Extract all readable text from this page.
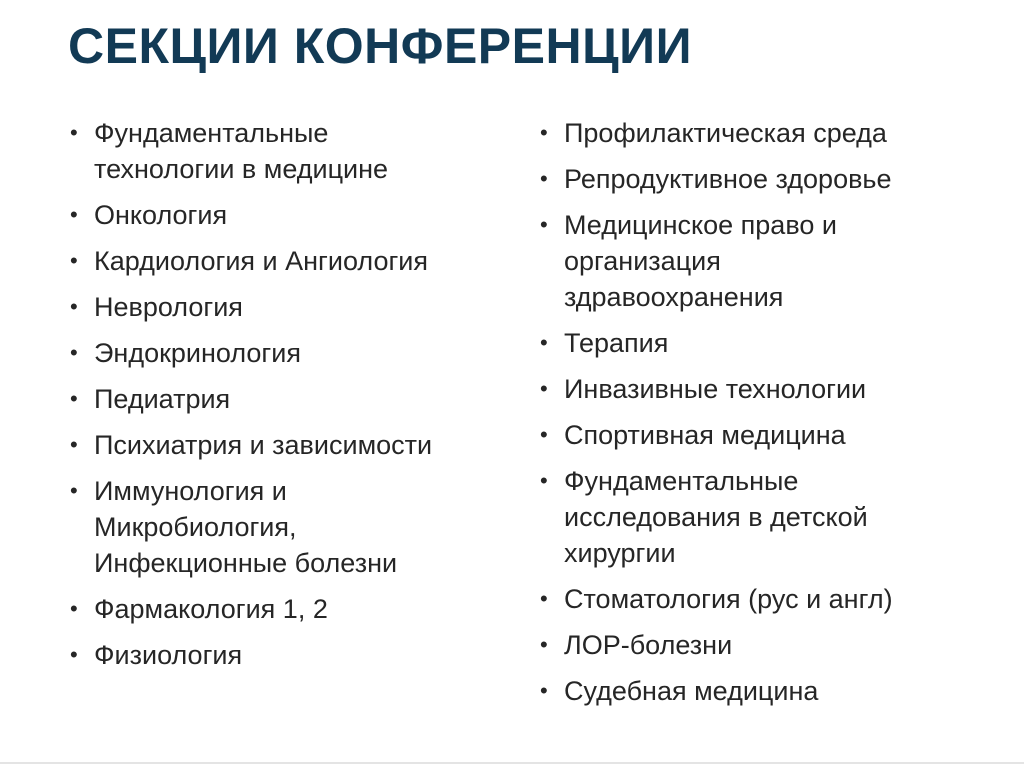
СЕКЦИИ КОНФЕРЕНЦИИ
• Фундаментальные технологии в медицине
• Онкология
• Кардиология и Ангиология
• Неврология
• Эндокринология
• Педиатрия
• Психиатрия и зависимости
• Иммунология и Микробиология, Инфекционные болезни
• Фармакология 1, 2
• Физиология
• Профилактическая среда
• Репродуктивное здоровье
• Медицинское право и организация здравоохранения
• Терапия
• Инвазивные технологии
• Спортивная медицина
• Фундаментальные исследования в детской хирургии
• Стоматология (рус и англ)
• ЛОР-болезни
• Судебная медицина
